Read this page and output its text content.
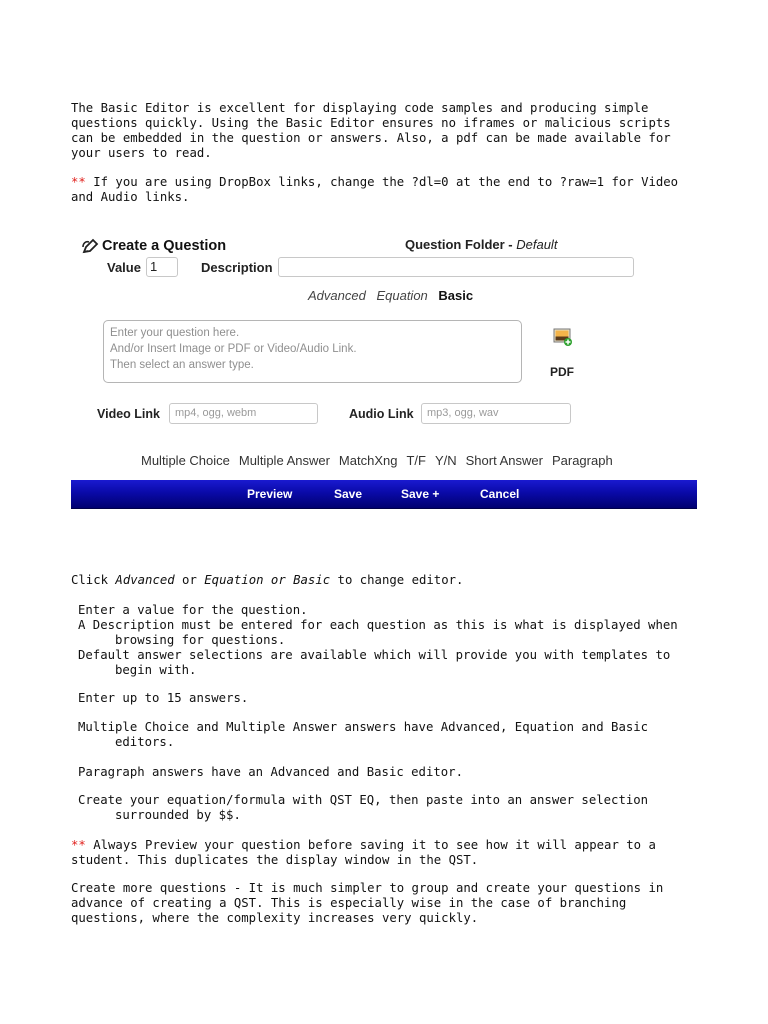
The Basic Editor is excellent for displaying code samples and producing simple
questions quickly. Using the Basic Editor ensures no iframes or malicious scripts
can be embedded in the question or answers. Also, a pdf can be made available for
your users to read.
** If you are using DropBox links, change the ?dl=0 at the end to ?raw=1 for Video
and Audio links.
Create a Question	Question Folder - Default
Value 1	Description
Advanced Equation Basic
Enter your question here.
And/or Insert Image or PDF or Video/Audio Link.
Then select an answer type.	PDF
Video Link	mp4, ogg, webm	Audio Link	mp3, ogg, wav
Multiple Choice Multiple Answer MatchXng T/F Y/N Short Answer Paragraph
Preview	Save	Save +	Cancel
Click Advanced or Equation or Basic to change editor.
Enter a value for the question.
A Description must be entered for each question as this is what is displayed when
browsing for questions.
Default answer selections are available which will provide you with templates to
begin with.
Enter up to 15 answers.
Multiple Choice and Multiple Answer answers have Advanced, Equation and Basic
editors.
Paragraph answers have an Advanced and Basic editor.
Create your equation/formula with QST EQ, then paste into an answer selection
surrounded by $$.
** Always Preview your question before saving it to see how it will appear to a
student. This duplicates the display window in the QST.
Create more questions - It is much simpler to group and create your questions in
advance of creating a QST. This is especially wise in the case of branching
questions, where the complexity increases very quickly.
